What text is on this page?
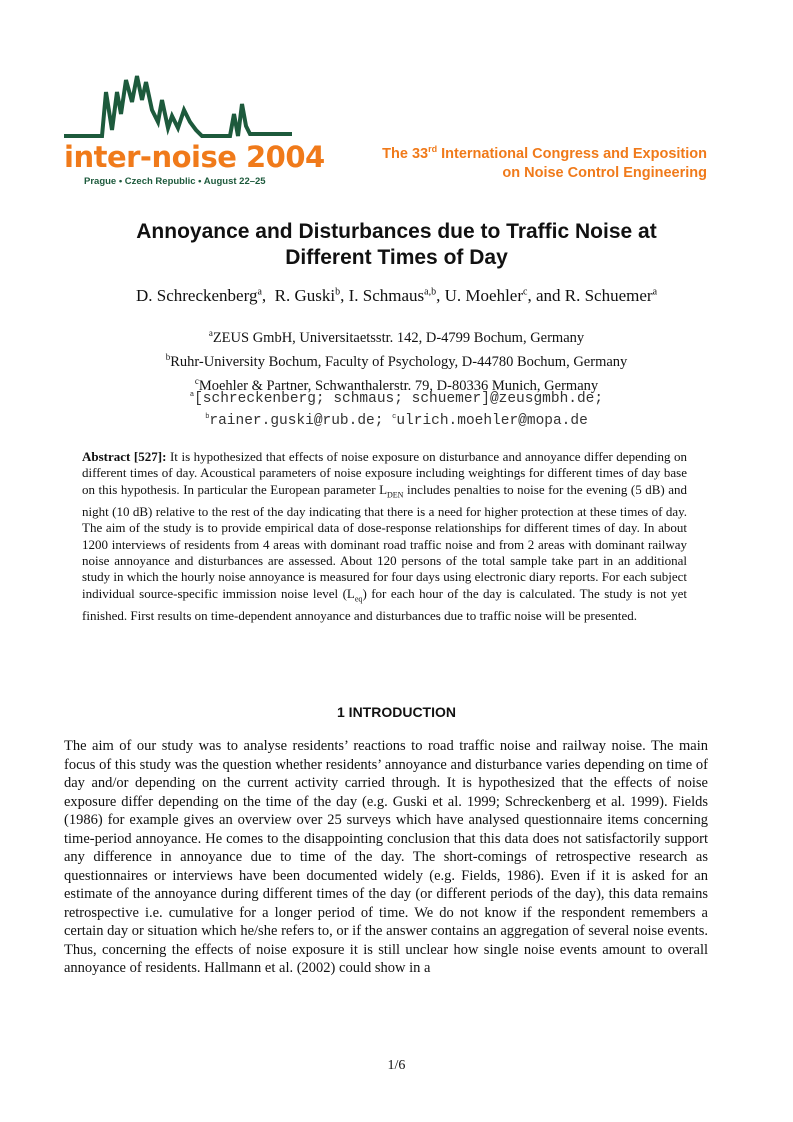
inter-noise 2004
Prague • Czech Republic • August 22–25
The 33rd International Congress and Exposition
on Noise Control Engineering
Annoyance and Disturbances due to Traffic Noise at
Different Times of Day
D. Schreckenberg$^a$,  R. Guski$^b$, I. Schmaus$^{a,b}$, U. Moehler$^c$, and R. Schuemer$^a$
$^a$ZEUS GmbH, Universitaetsstr. 142, D-4799 Bochum, Germany
$^b$Ruhr-University Bochum, Faculty of Psychology, D-44780 Bochum, Germany
$^c$Moehler & Partner, Schwanthalerstr. 79, D-80336 Munich, Germany
$^a$[schreckenberg; schmaus; schuemer]@zeusgmbh.de;
$^b$rainer.guski@rub.de; $^c$ulrich.moehler@mopa.de
Abstract [527]: It is hypothesized that effects of noise exposure on disturbance and annoyance differ depending on different times of day. Acoustical parameters of noise exposure including weightings for different times of day base on this hypothesis. In particular the European parameter $L_{DEN}$ includes penalties to noise for the evening (5 dB) and night (10 dB) relative to the rest of the day indicating that there is a need for higher protection at these times of day. The aim of the study is to provide empirical data of dose-response relationships for different times of day. In about 1200 interviews of residents from 4 areas with dominant road traffic noise and from 2 areas with dominant railway noise annoyance and disturbances are assessed. About 120 persons of the total sample take part in an additional study in which the hourly noise annoyance is measured for four days using electronic diary reports. For each subject individual source-specific immission noise level $(L_{eq})$ for each hour of the day is calculated. The study is not yet finished. First results on time-dependent annoyance and disturbances due to traffic noise will be presented.
1 INTRODUCTION
The aim of our study was to analyse residents’ reactions to road traffic noise and railway noise. The main focus of this study was the question whether residents’ annoyance and disturbance varies depending on time of day and/or depending on the current activity carried through. It is hypothesized that the effects of noise exposure differ depending on the time of the day (e.g. Guski et al. 1999; Schreckenberg et al. 1999). Fields (1986) for example gives an overview over 25 surveys which have analysed questionnaire items concerning time-period annoyance. He comes to the disappointing conclusion that this data does not satisfactorily support any difference in annoyance due to time of the day. The short-comings of retrospective research as questionnaires or interviews have been documented widely (e.g. Fields, 1986). Even if it is asked for an estimate of the annoyance during different times of the day (or different periods of the day), this data remains retrospective i.e. cumulative for a longer period of time. We do not know if the respondent remembers a certain day or situation which he/she refers to, or if the answer contains an aggregation of several noise events. Thus, concerning the effects of noise exposure it is still unclear how single noise events amount to overall annoyance of residents. Hallmann et al. (2002) could show in a
1/6
